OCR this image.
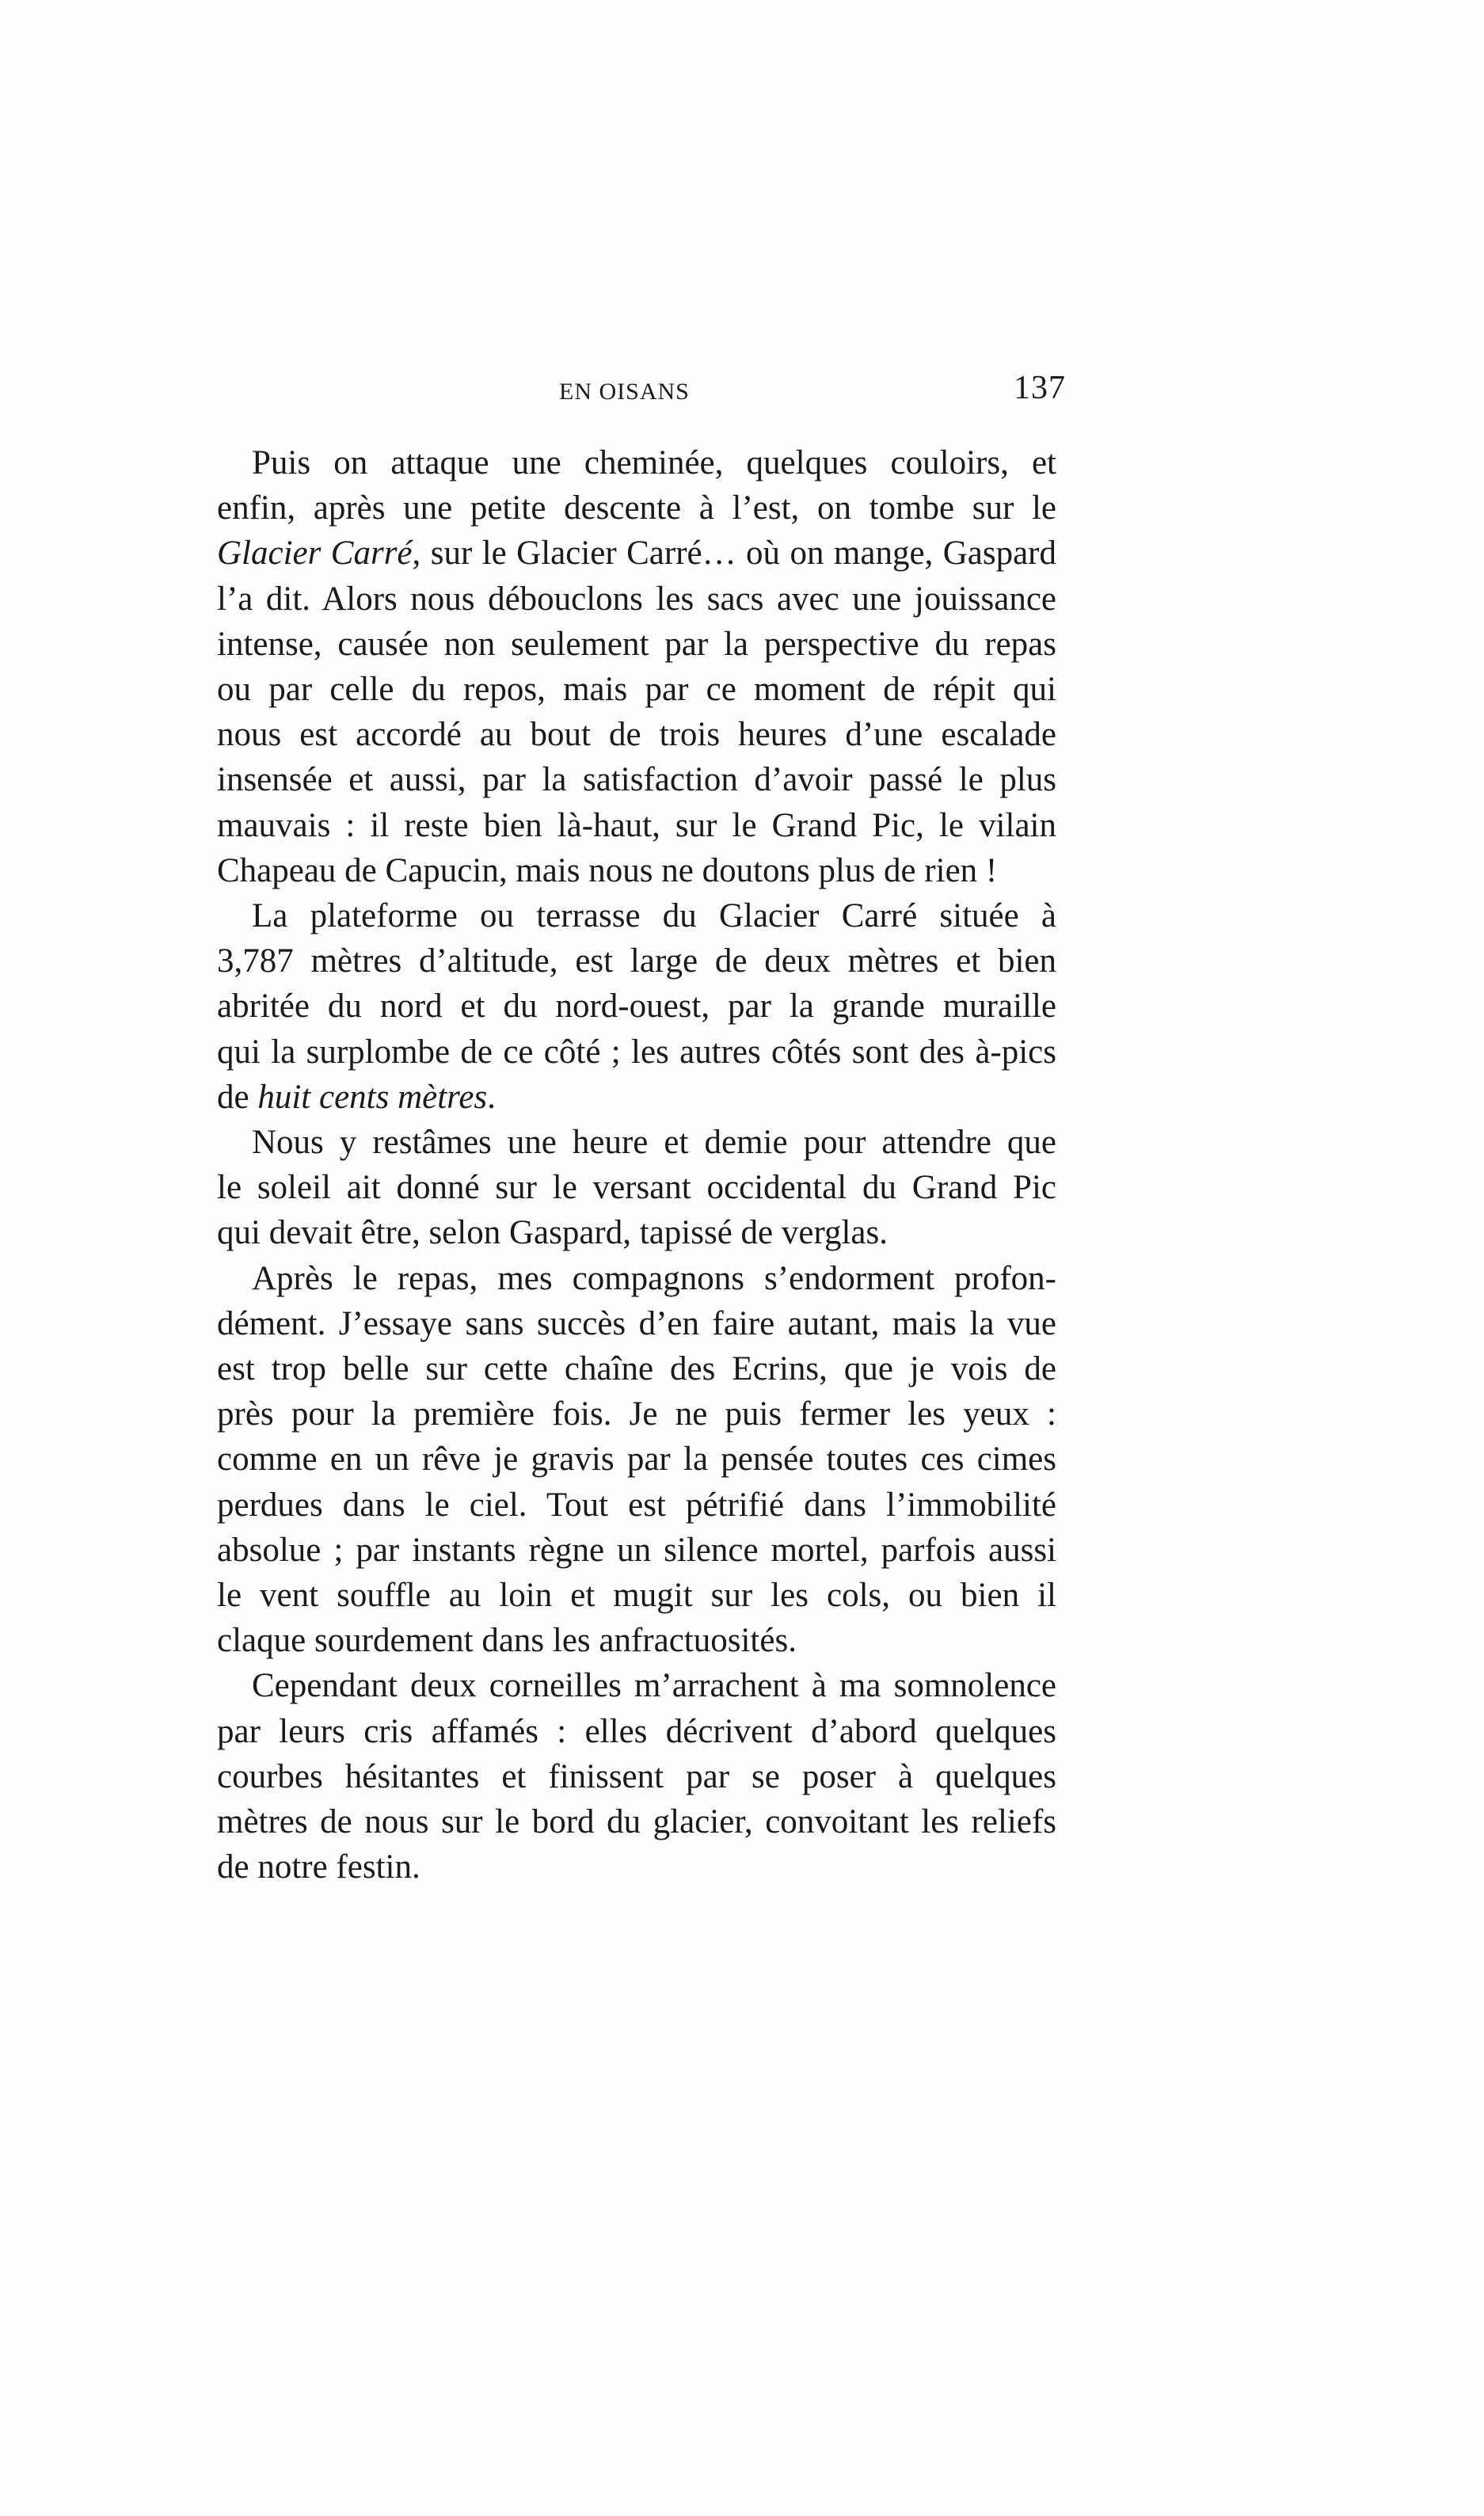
EN OISANS	137
Puis on attaque une cheminée, quelques couloirs, et
enfin, après une petite descente à l’est, on tombe sur le
Glacier Carré, sur le Glacier Carré… où on mange, Gaspard
l’a dit. Alors nous débouclons les sacs avec une jouissance
intense, causée non seulement par la perspective du repas
ou par celle du repos, mais par ce moment de répit qui
nous est accordé au bout de trois heures d’une escalade
insensée et aussi, par la satisfaction d’avoir passé le plus
mauvais : il reste bien là-haut, sur le Grand Pic, le vilain
Chapeau de Capucin, mais nous ne doutons plus de rien !
La plateforme ou terrasse du Glacier Carré située à
3,787 mètres d’altitude, est large de deux mètres et bien
abritée du nord et du nord-ouest, par la grande muraille
qui la surplombe de ce côté ; les autres côtés sont des à-pics
de huit cents mètres.
Nous y restâmes une heure et demie pour attendre que
le soleil ait donné sur le versant occidental du Grand Pic
qui devait être, selon Gaspard, tapissé de verglas.
Après le repas, mes compagnons s’endorment profon-
dément. J’essaye sans succès d’en faire autant, mais la vue
est trop belle sur cette chaîne des Ecrins, que je vois de
près pour la première fois. Je ne puis fermer les yeux :
comme en un rêve je gravis par la pensée toutes ces cimes
perdues dans le ciel. Tout est pétrifié dans l’immobilité
absolue ; par instants règne un silence mortel, parfois aussi
le vent souffle au loin et mugit sur les cols, ou bien il
claque sourdement dans les anfractuosités.
Cependant deux corneilles m’arrachent à ma somnolence
par leurs cris affamés : elles décrivent d’abord quelques
courbes hésitantes et finissent par se poser à quelques
mètres de nous sur le bord du glacier, convoitant les reliefs
de notre festin.
